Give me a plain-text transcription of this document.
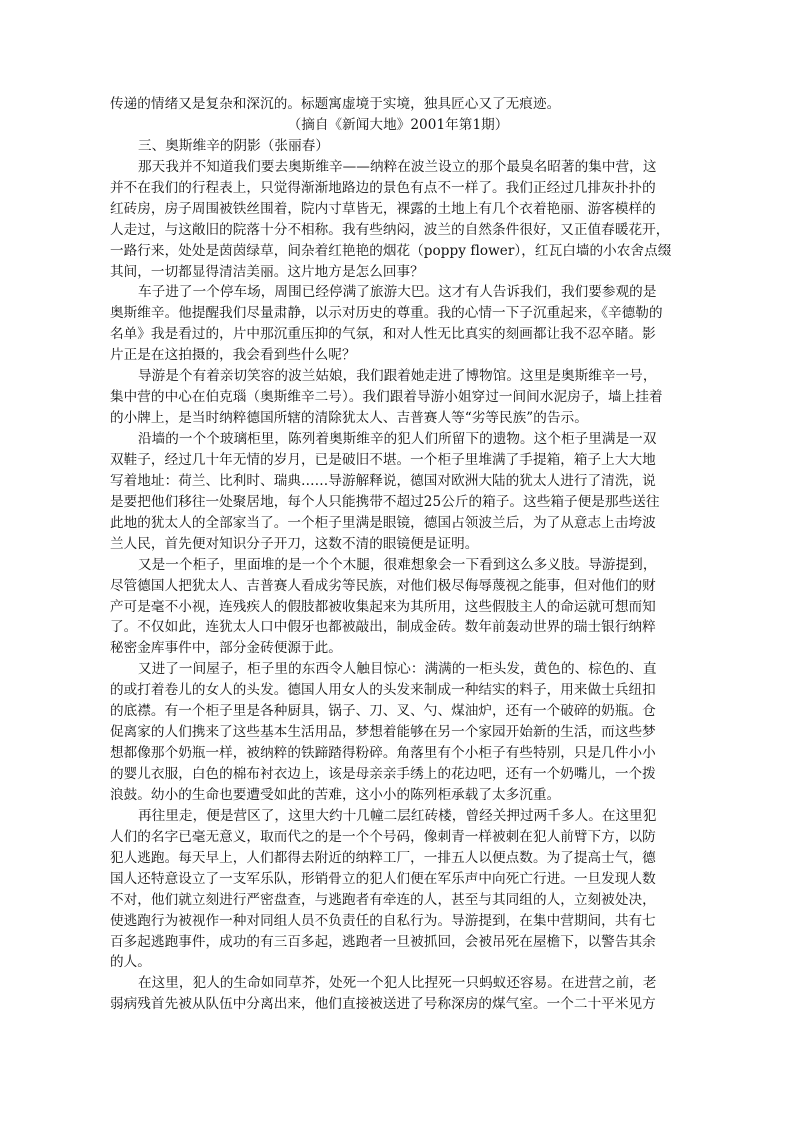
传递的情绪又是复杂和深沉的。标题寓虚境于实境，独具匠心又了无痕迹。
（摘自《新闻大地》2001年第1期）
三、奥斯维辛的阴影（张丽春）
那天我并不知道我们要去奥斯维辛——纳粹在波兰设立的那个最臭名昭著的集中营，这
并不在我们的行程表上，只觉得渐渐地路边的景色有点不一样了。我们正经过几排灰扑扑的
红砖房，房子周围被铁丝围着，院内寸草皆无，裸露的土地上有几个衣着艳丽、游客模样的
人走过，与这敞旧的院落十分不相称。我有些纳闷，波兰的自然条件很好，又正值春暖花开，
一路行来，处处是茵茵绿草，间杂着红艳艳的烟花（poppy flower），红瓦白墙的小农舍点缀
其间，一切都显得清洁美丽。这片地方是怎么回事？
车子进了一个停车场，周围已经停满了旅游大巴。这才有人告诉我们，我们要参观的是
奥斯维辛。他提醒我们尽量肃静，以示对历史的尊重。我的心情一下子沉重起来，《辛德勒的
名单》我是看过的，片中那沉重压抑的气氛，和对人性无比真实的刻画都让我不忍卒睹。影
片正是在这拍摄的，我会看到些什么呢？
导游是个有着亲切笑容的波兰姑娘，我们跟着她走进了博物馆。这里是奥斯维辛一号，
集中营的中心在伯克瑙（奥斯维辛二号）。我们跟着导游小姐穿过一间间水泥房子，墙上挂着
的小牌上，是当时纳粹德国所辖的清除犹太人、吉普赛人等“劣等民族”的告示。
沿墙的一个个玻璃柜里，陈列着奥斯维辛的犯人们所留下的遗物。这个柜子里满是一双
双鞋子，经过几十年无情的岁月，已是破旧不堪。一个柜子里堆满了手提箱，箱子上大大地
写着地址：荷兰、比利时、瑞典……导游解释说，德国对欧洲大陆的犹太人进行了清洗，说
是要把他们移往一处聚居地，每个人只能携带不超过25公斤的箱子。这些箱子便是那些送往
此地的犹太人的全部家当了。一个柜子里满是眼镜，德国占领波兰后，为了从意志上击垮波
兰人民，首先便对知识分子开刀，这数不清的眼镜便是证明。
又是一个柜子，里面堆的是一个个木腿，很难想象会一下看到这么多义肢。导游提到，
尽管德国人把犹太人、吉普赛人看成劣等民族，对他们极尽侮辱蔑视之能事，但对他们的财
产可是毫不小视，连残疾人的假肢都被收集起来为其所用，这些假肢主人的命运就可想而知
了。不仅如此，连犹太人口中假牙也都被敲出，制成金砖。数年前轰动世界的瑞士银行纳粹
秘密金库事件中，部分金砖便源于此。
又进了一间屋子，柜子里的东西令人触目惊心：满满的一柜头发，黄色的、棕色的、直
的或打着卷儿的女人的头发。德国人用女人的头发来制成一种结实的料子，用来做士兵纽扣
的底襟。有一个柜子里是各种厨具，锅子、刀、叉、勺、煤油炉，还有一个破碎的奶瓶。仓
促离家的人们携来了这些基本生活用品，梦想着能够在另一个家园开始新的生活，而这些梦
想都像那个奶瓶一样，被纳粹的铁蹄踏得粉碎。角落里有个小柜子有些特别，只是几件小小
的婴儿衣服，白色的棉布衬衣边上，该是母亲亲手绣上的花边吧，还有一个奶嘴儿，一个拨
浪鼓。幼小的生命也要遭受如此的苦难，这小小的陈列柜承载了太多沉重。
再往里走，便是营区了，这里大约十几幢二层红砖楼，曾经关押过两千多人。在这里犯
人们的名字已毫无意义，取而代之的是一个个号码，像刺青一样被刺在犯人前臂下方，以防
犯人逃跑。每天早上，人们都得去附近的纳粹工厂，一排五人以便点数。为了提高士气，德
国人还特意设立了一支军乐队，形销骨立的犯人们便在军乐声中向死亡行进。一旦发现人数
不对，他们就立刻进行严密盘查，与逃跑者有牵连的人，甚至与其同组的人，立刻被处决，
使逃跑行为被视作一种对同组人员不负责任的自私行为。导游提到，在集中营期间，共有七
百多起逃跑事件，成功的有三百多起，逃跑者一旦被抓回，会被吊死在屋檐下，以警告其余
的人。
在这里，犯人的生命如同草芥，处死一个犯人比捏死一只蚂蚁还容易。在进营之前，老
弱病残首先被从队伍中分离出来，他们直接被送进了号称深房的煤气室。一个二十平米见方
